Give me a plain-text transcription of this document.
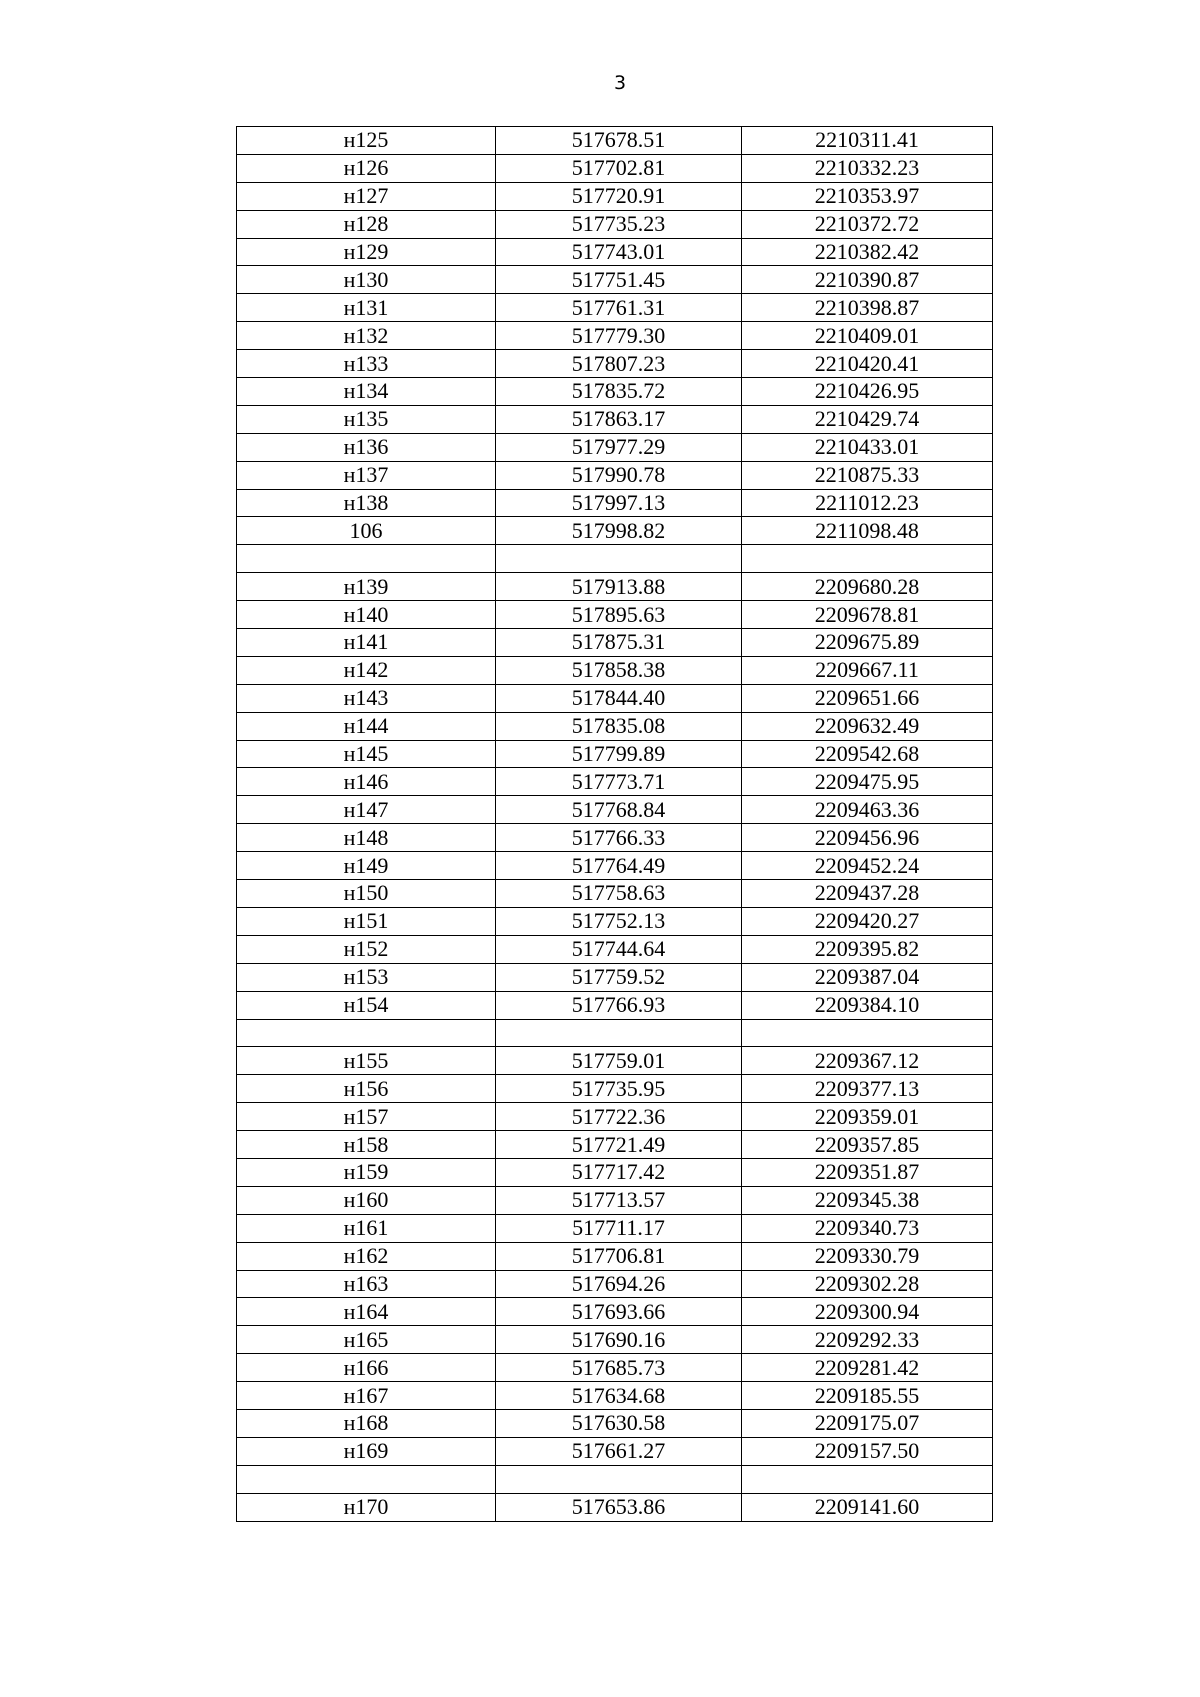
3
н125	517678.51	2210311.41
н126	517702.81	2210332.23
н127	517720.91	2210353.97
н128	517735.23	2210372.72
н129	517743.01	2210382.42
н130	517751.45	2210390.87
н131	517761.31	2210398.87
н132	517779.30	2210409.01
н133	517807.23	2210420.41
н134	517835.72	2210426.95
н135	517863.17	2210429.74
н136	517977.29	2210433.01
н137	517990.78	2210875.33
н138	517997.13	2211012.23
106	517998.82	2211098.48

н139	517913.88	2209680.28
н140	517895.63	2209678.81
н141	517875.31	2209675.89
н142	517858.38	2209667.11
н143	517844.40	2209651.66
н144	517835.08	2209632.49
н145	517799.89	2209542.68
н146	517773.71	2209475.95
н147	517768.84	2209463.36
н148	517766.33	2209456.96
н149	517764.49	2209452.24
н150	517758.63	2209437.28
н151	517752.13	2209420.27
н152	517744.64	2209395.82
н153	517759.52	2209387.04
н154	517766.93	2209384.10

н155	517759.01	2209367.12
н156	517735.95	2209377.13
н157	517722.36	2209359.01
н158	517721.49	2209357.85
н159	517717.42	2209351.87
н160	517713.57	2209345.38
н161	517711.17	2209340.73
н162	517706.81	2209330.79
н163	517694.26	2209302.28
н164	517693.66	2209300.94
н165	517690.16	2209292.33
н166	517685.73	2209281.42
н167	517634.68	2209185.55
н168	517630.58	2209175.07
н169	517661.27	2209157.50

н170	517653.86	2209141.60
